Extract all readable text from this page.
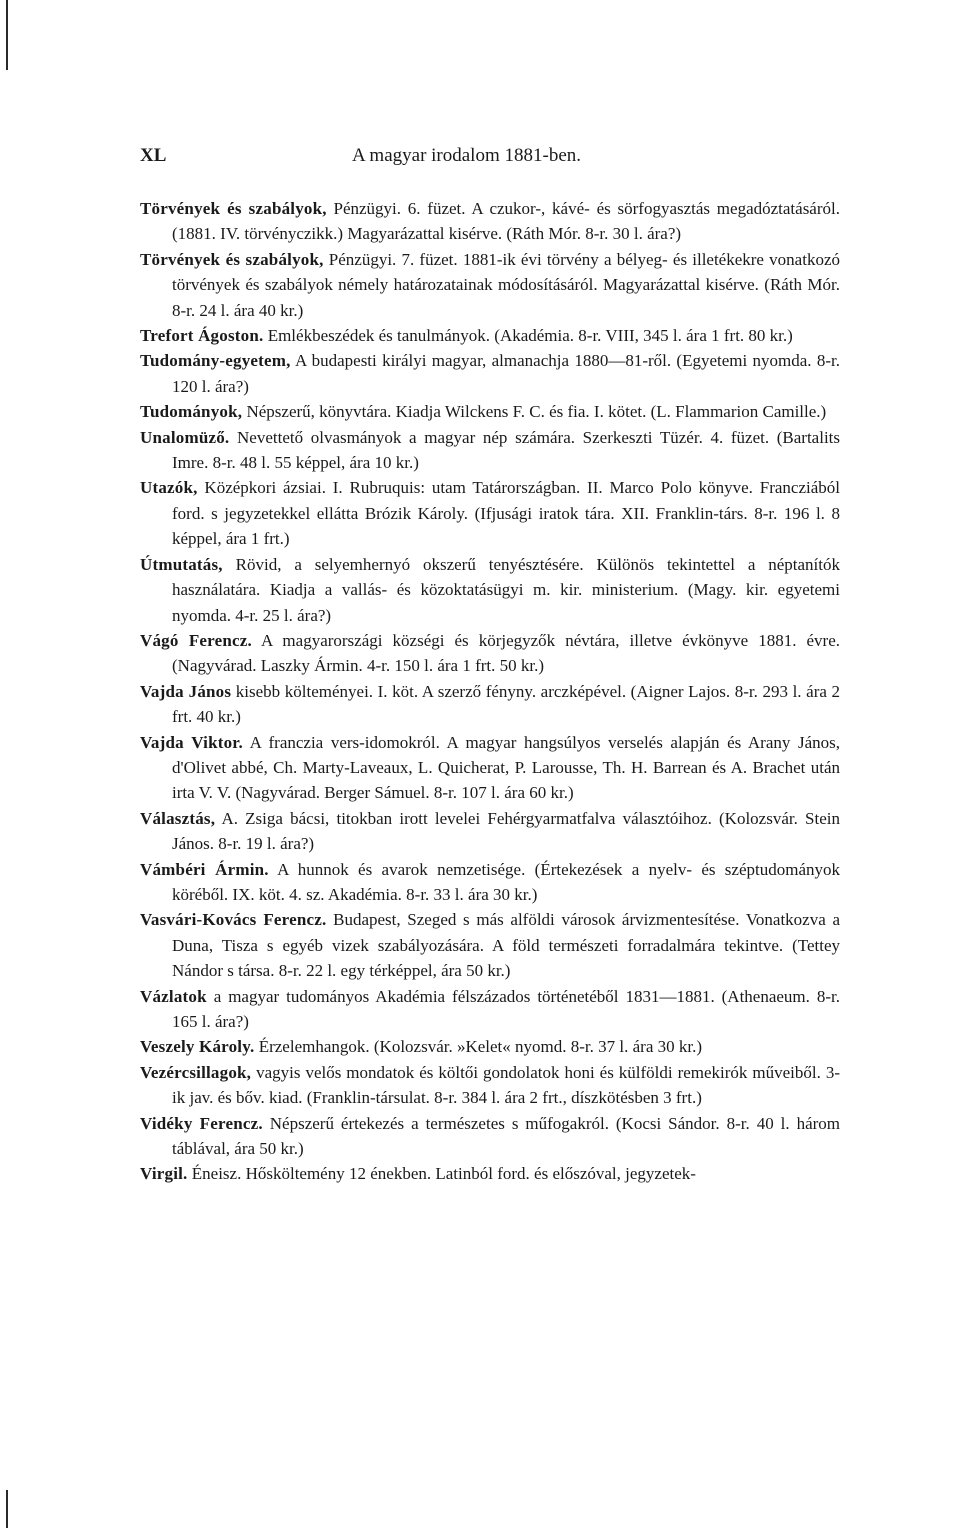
XL	A magyar irodalom 1881-ben.

Törvények és szabályok, Pénzügyi. 6. füzet. A czukor-, kávé- és sörfogyasztás megadóztatásáról. (1881. IV. törvényczikk.) Magyarázattal kisérve. (Ráth Mór. 8-r. 30 l. ára?)

Törvények és szabályok, Pénzügyi. 7. füzet. 1881-ik évi törvény a bélyeg- és illetékekre vonatkozó törvények és szabályok némely határozatainak módosításáról. Magyarázattal kisérve. (Ráth Mór. 8-r. 24 l. ára 40 kr.)

Trefort Ágoston. Emlékbeszédek és tanulmányok. (Akadémia. 8-r. VIII, 345 l. ára 1 frt. 80 kr.)

Tudomány-egyetem, A budapesti királyi magyar, almanachja 1880—81-ről. (Egyetemi nyomda. 8-r. 120 l. ára?)

Tudományok, Népszerű, könyvtára. Kiadja Wilckens F. C. és fia. I. kötet. (L. Flammarion Camille.)

Unalomüző. Nevettető olvasmányok a magyar nép számára. Szerkeszti Tüzér. 4. füzet. (Bartalits Imre. 8-r. 48 l. 55 képpel, ára 10 kr.)

Utazók, Középkori ázsiai. I. Rubruquis: utam Tatárországban. II. Marco Polo könyve. Francziából ford. s jegyzetekkel ellátta Brózik Károly. (Ifjusági iratok tára. XII. Franklin-társ. 8-r. 196 l. 8 képpel, ára 1 frt.)

Útmutatás, Rövid, a selyemhernyó okszerű tenyésztésére. Különös tekintettel a néptanítók használatára. Kiadja a vallás- és közoktatásügyi m. kir. ministerium. (Magy. kir. egyetemi nyomda. 4-r. 25 l. ára?)

Vágó Ferencz. A magyarországi községi és körjegyzők névtára, illetve évkönyve 1881. évre. (Nagyvárad. Laszky Ármin. 4-r. 150 l. ára 1 frt. 50 kr.)

Vajda János kisebb költeményei. I. köt. A szerző fényny. arczképével. (Aigner Lajos. 8-r. 293 l. ára 2 frt. 40 kr.)

Vajda Viktor. A franczia vers-idomokról. A magyar hangsúlyos verselés alapján és Arany János, d'Olivet abbé, Ch. Marty-Laveaux, L. Quicherat, P. Larousse, Th. H. Barrean és A. Brachet után irta V. V. (Nagyvárad. Berger Sámuel. 8-r. 107 l. ára 60 kr.)

Választás, A. Zsiga bácsi, titokban irott levelei Fehérgyarmatfalva választóihoz. (Kolozsvár. Stein János. 8-r. 19 l. ára?)

Vámbéri Ármin. A hunnok és avarok nemzetisége. (Értekezések a nyelv- és széptudományok köréből. IX. köt. 4. sz. Akadémia. 8-r. 33 l. ára 30 kr.)

Vasvári-Kovács Ferencz. Budapest, Szeged s más alföldi városok árvizmentesítése. Vonatkozva a Duna, Tisza s egyéb vizek szabályozására. A föld természeti forradalmára tekintve. (Tettey Nándor s társa. 8-r. 22 l. egy térképpel, ára 50 kr.)

Vázlatok a magyar tudományos Akadémia félszázados történetéből 1831—1881. (Athenaeum. 8-r. 165 l. ára?)

Veszely Károly. Érzelemhangok. (Kolozsvár. »Kelet« nyomd. 8-r. 37 l. ára 30 kr.)

Vezércsillagok, vagyis velős mondatok és költői gondolatok honi és külföldi remekirók műveiből. 3-ik jav. és bőv. kiad. (Franklin-társulat. 8-r. 384 l. ára 2 frt., díszkötésben 3 frt.)

Vidéky Ferencz. Népszerű értekezés a természetes s műfogakról. (Kocsi Sándor. 8-r. 40 l. három táblával, ára 50 kr.)

Virgil. Éneisz. Hősköltemény 12 énekben. Latinból ford. és előszóval, jegyzetek-
